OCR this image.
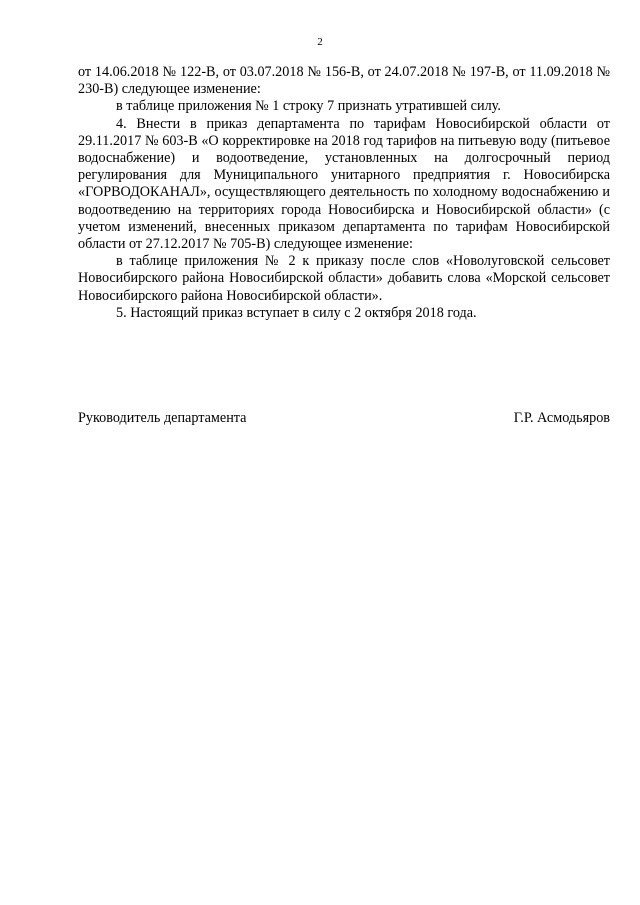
2

от 14.06.2018 № 122-В, от 03.07.2018 № 156-В, от 24.07.2018 № 197-В, от 11.09.2018 № 230-В) следующее изменение:

в таблице приложения № 1 строку 7 признать утратившей силу.

4. Внести в приказ департамента по тарифам Новосибирской области от 29.11.2017 № 603-В «О корректировке на 2018 год тарифов на питьевую воду (питьевое водоснабжение) и водоотведение, установленных на долгосрочный период регулирования для Муниципального унитарного предприятия г. Новосибирска «ГОРВОДОКАНАЛ», осуществляющего деятельность по холодному водоснабжению и водоотведению на территориях города Новосибирска и Новосибирской области» (с учетом изменений, внесенных приказом департамента по тарифам Новосибирской области от 27.12.2017 № 705-В) следующее изменение:

в таблице приложения № 2 к приказу после слов «Новолуговской сельсовет Новосибирского района Новосибирской области» добавить слова «Морской сельсовет Новосибирского района Новосибирской области».

5. Настоящий приказ вступает в силу с 2 октября 2018 года.

Руководитель департамента	Г.Р. Асмодьяров
